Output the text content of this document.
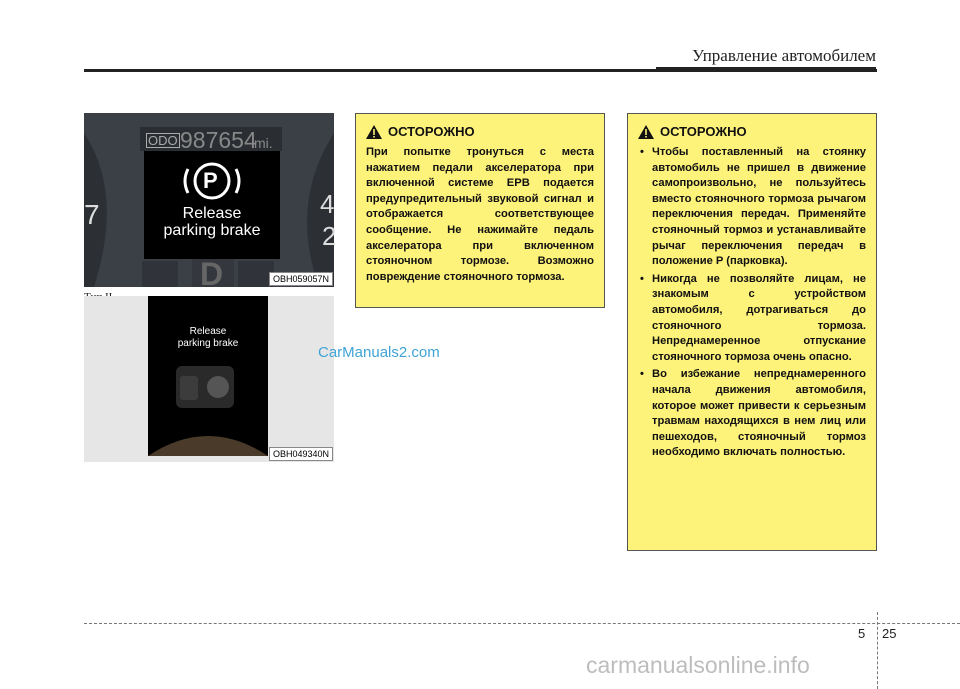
Управление автомобилем
ODO 987654
mi.
P
Release
parking brake
D
7	4
2
OBH059057N
Release
parking brake
OBH049340N
CarManuals2.com
ОСТОРОЖНО
При попытке тронуться с места нажатием педали акселератора при включенной системе EPB подается предупредительный звуковой сигнал и отображается соответствующее сообщение. Не нажимайте педаль акселератора при включенном стояночном тормозе. Возможно повреждение стояночного тормоза.
ОСТОРОЖНО
• Чтобы поставленный на стоянку автомобиль не пришел в движение самопроизвольно, не пользуйтесь вместо стояночного тормоза рычагом переключения передач. Применяйте стояночный тормоз и устанавливайте рычаг переключения передач в положение P (парковка).
• Никогда не позволяйте лицам, не знакомым с устройством автомобиля, дотрагиваться до стояночного тормоза. Непреднамеренное отпускание стояночного тормоза очень опасно.
• Во избежание непреднамеренного начала движения автомобиля, которое может привести к серьезным травмам находящихся в нем лиц или пешеходов, стояночный тормоз необходимо включать полностью.
5 25
carmanualsonline.info
